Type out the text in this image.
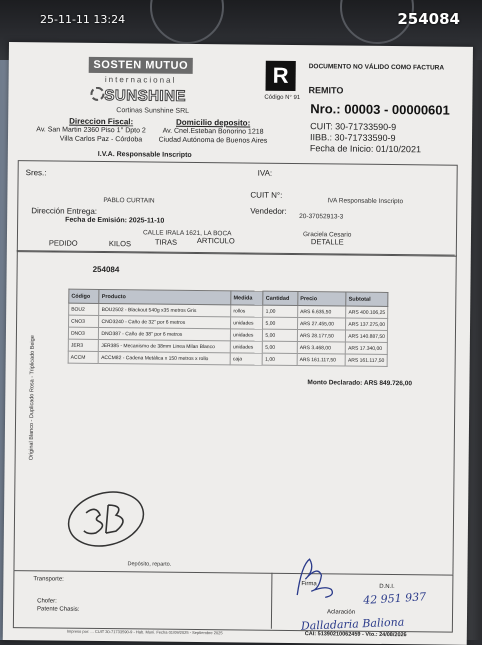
25-11-11 13:24	254084
SOSTEN MUTUO
internacional
SUNSHINE
Cortinas Sunshine SRL
Direccion Fiscal:
Av. San Martin 2360 Piso 1° Dpto 2
Villa Carlos Paz - Córdoba
Domicilio deposito:
Av. Cnel.Esteban Bonorino 1218
Ciudad Autónoma de Buenos Aires
I.V.A. Responsable Inscripto
R
Código N° 91
DOCUMENTO NO VÁLIDO COMO FACTURA
REMITO
Nro.: 00003 - 00000601
CUIT: 30-71733590-9
IIBB.: 30-71733590-9
Fecha de Inicio: 01/10/2021
Sres.:	IVA:
PABLO CURTAIN
CUIT N°:
IVA Responsable Inscripto
Dirección Entrega:	Vendedor:
20-37052913-3
Fecha de Emisión: 2025-11-10
CALLE IRALA 1621, LA BOCA	Graciela Cesario
PEDIDO	KILOS	TIRAS	ARTICULO	DETALLE
Original Blanco - Duplicado Rosa - Triplicado Beige
254084
Código	Producto	Medida	Cantidad	Precio	Subtotal
BOU2	BOU2502 - Blackout 540g x35 metros Gris	rollos	1,00	ARS 6.635,50	ARS 400.106,25
CNO3	CNO3240 - Caño de 32" por 6 metros	unidades	5,00	ARS 27.455,00	ARS 137.275,00
DNO3	DNO387 - Caño de 38" por 6 metros	unidades	5,00	ARS 28.177,50	ARS 140.887,50
JER3	JER385 - Mecanismo de 38mm Linea Milan Blanco	unidades	5,00	ARS 3.468,00	ARS 17.340,00
ACCM	ACCM82 - Cadena Metálica x 150 metros x rollo	caja	1,00	ARS 161.117,50	ARS 161.117,50
Monto Declarado: ARS 849.726,00
Depósito, reparto.
Transporte:
Chofer:
Patente Chasis:
Firma	D.N.I.
Aclaración
42 951 937
Dalladaria Baliona
Impreso por: ... CUIT 30-71733590-9 - Hab. Muni. Fecha 01/09/2025 - Septiembre 2025	CAI: 51390210062459 - Vto.: 24/08/2026
